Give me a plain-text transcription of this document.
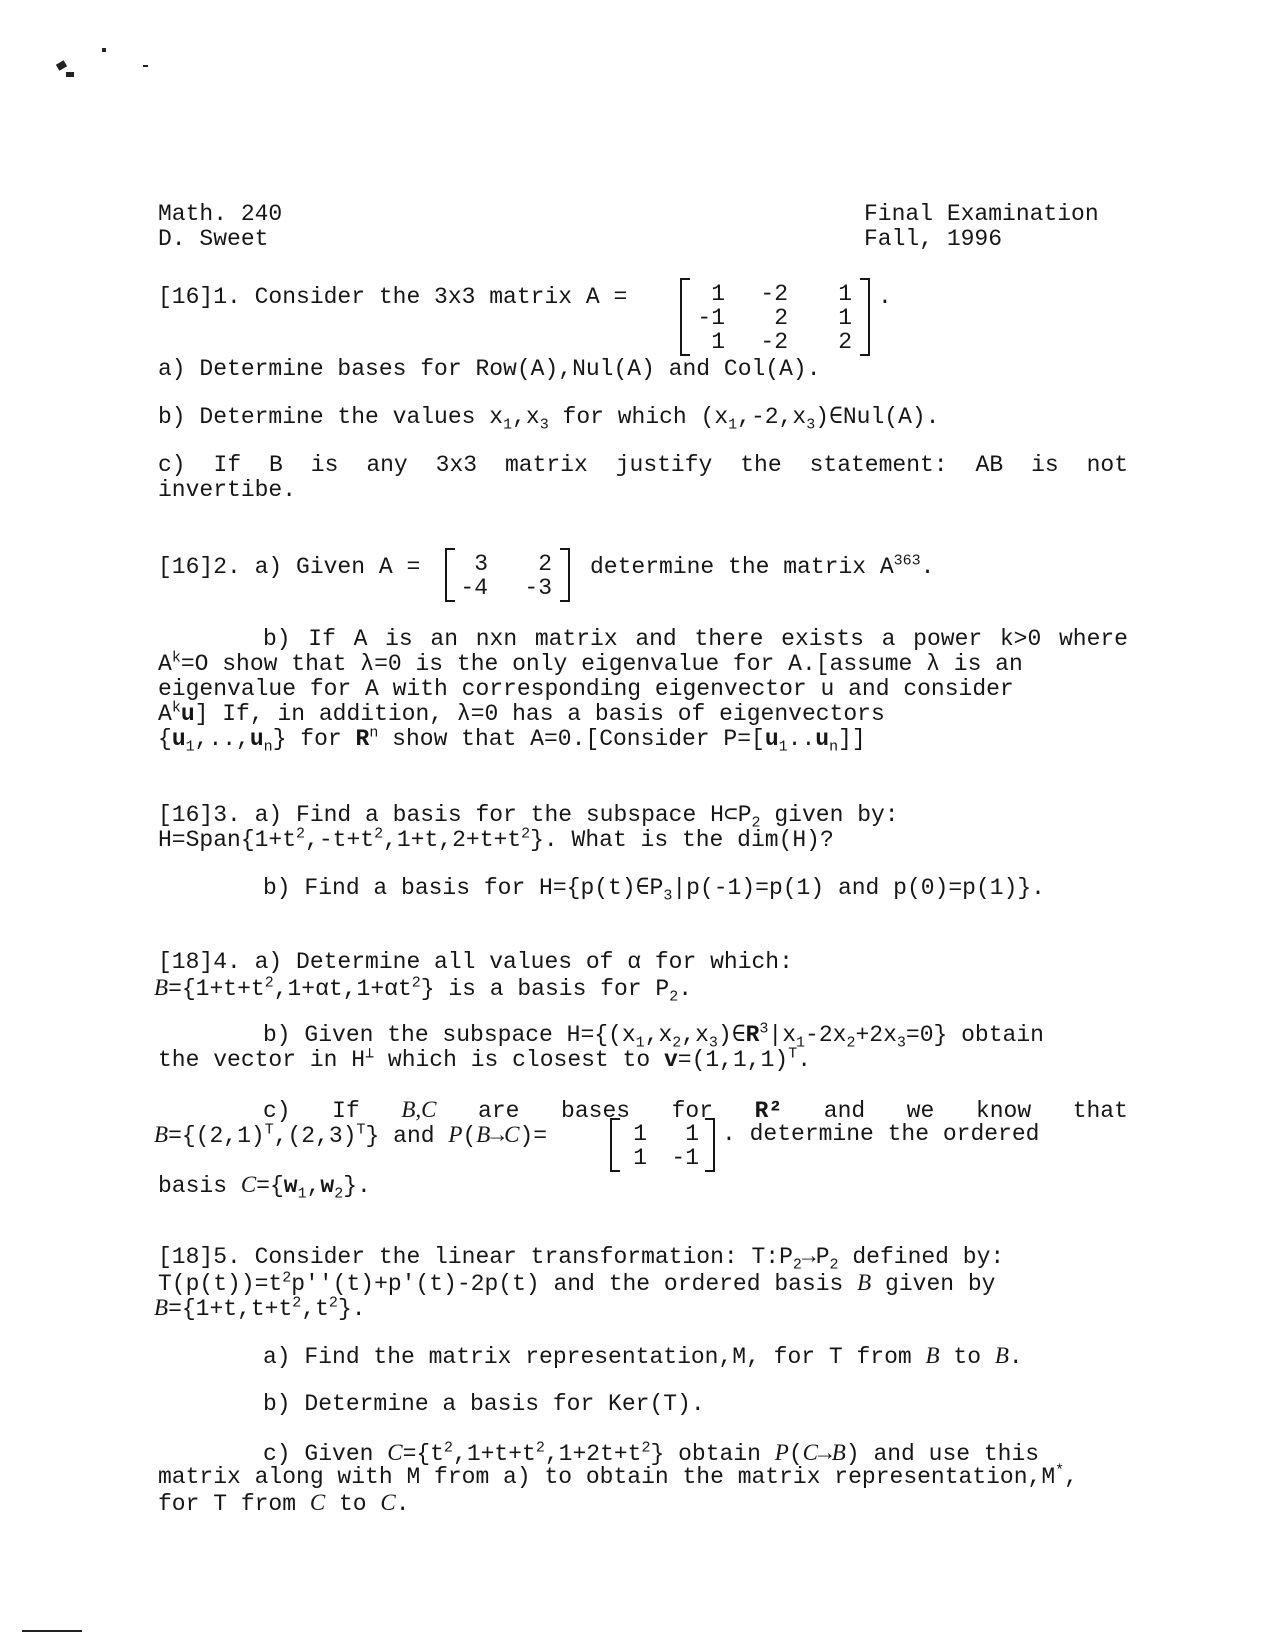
Math. 240
D. Sweet
Final Examination
Fall, 1996
[16]1. Consider the 3x3 matrix A =	1 -2 1
-1 2 1
1 -2 2
.
a) Determine bases for Row(A),Nul(A) and Col(A).
b) Determine the values $x_1,x_3$ for which $(x_1,-2,x_3)\in Nul(A)$.
c) If B is any 3x3 matrix justify the statement: AB is not
invertibe.
[16]2. a) Given A = 3 2
-4 -3
determine the matrix $A^{363}$.
b) If A is an nxn matrix and there exists a power k>0 where
$A^k=O$ show that λ=0 is the only eigenvalue for A.[assume λ is an
eigenvalue for A with corresponding eigenvector u and consider
$A^ku$] If, in addition, λ=0 has a basis of eigenvectors
$\{u_1,..,u_n\}$ for $R^n$ show that A=0.[Consider $P=[u_1..u_n]$]
[16]3. a) Find a basis for the subspace $H\subset P_2$ given by:
$H=Span\{1+t^2,-t+t^2,1+t,2+t+t^2\}$. What is the dim(H)?
b) Find a basis for $H=\{p(t)\in P_3|p(-1)=p(1)$ and p(0)=p(1)}.
[18]4. a) Determine all values of α for which:
$B=\{1+t+t^2,1+\alpha t,1+\alpha t^2\}$ is a basis for $P_2$.
b) Given the subspace $H=\{(x_1,x_2,x_3)\in R^3|x_1-2x_2+2x_3=0\}$ obtain
the vector in H⊥ which is closest to $v=(1,1,1)^T$.
c) If B,C are bases for R² and we know that
$B=\{(2,1)^T,(2,3)^T\}$ and P(B→C)=	1 1
1 -1
. determine the ordered
basis $C=\{w_1,w_2\}$.
[18]5. Consider the linear transformation: $T:P_2\to P_2$ defined by:
$T(p(t))=t^2p''(t)+p'(t)-2p(t)$ and the ordered basis B given by
$B=\{1+t,t+t^2,t^2\}$.
a) Find the matrix representation,M, for T from B to B.
b) Determine a basis for Ker(T).
c) Given $C=\{t^2,1+t+t^2,1+2t+t^2\}$ obtain P(C→B) and use this
matrix along with M from a) to obtain the matrix representation,M*,
for T from C to C.
